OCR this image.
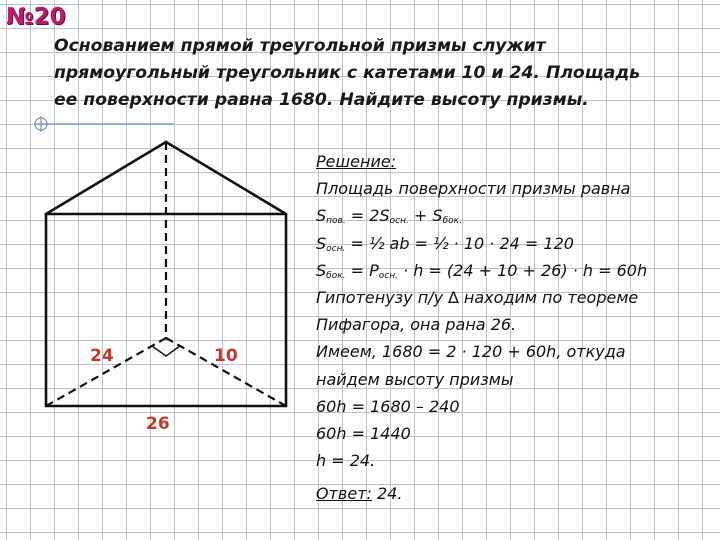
№20
Основанием прямой треугольной призмы служит
прямоугольный треугольник с катетами 10 и 24. Площадь
ее поверхности равна 1680. Найдите высоту призмы.
24	10
26
Решение:
Площадь поверхности призмы равна
$S_{пов.} = 2S_{осн.} + S_{бок.}$
$S_{осн.}$ = ½ ab = ½ · 10 · 24 = 120
$S_{бок.} = P_{осн.} \cdot h = (24 + 10 + 26) \cdot h = 60h$
Гипотенузу п/у ∆ находим по теореме
Пифагора, она рана 26.
Имеем, 1680 = 2 · 120 + 60h, откуда
найдем высоту призмы
60h = 1680 – 240
60h = 1440
h = 24.
Ответ: 24.
